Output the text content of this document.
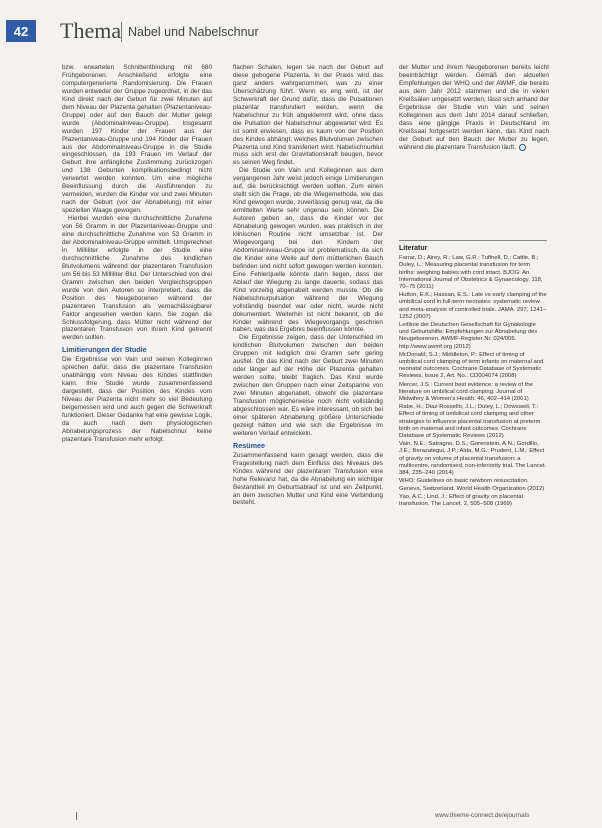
42	Thema Nabel und Nabelschnur

bzw. erwarteten Schnittentbindung mit 680 Frühgeborenen. Anschließend erfolgte eine computergenerierte Randomisierung. Die Frauen wurden entweder der Gruppe zugeordnet, in der das Kind direkt nach der Geburt für zwei Minuten auf dem Niveau der Plazenta gehalten (Plazentaniveau-Gruppe) oder auf den Bauch der Mutter gelegt wurde (Abdominalniveau-Gruppe). Insgesamt wurden 197 Kinder der Frauen aus der Plazentaniveau-Gruppe und 194 Kinder der Frauen aus der Abdominalniveau-Gruppe in die Studie eingeschlossen, da 193 Frauen im Verlauf der Geburt ihre anfängliche Zustimmung zurückzogen und 138 Geburten komplikationsbedingt nicht verwertet werden konnten. Um eine mögliche Beeinflussung durch die Ausführenden zu vermeiden, wurden die Kinder vor und zwei Minuten nach der Geburt (vor der Abnabelung) mit einer speziellen Waage gewogen.

Hierbei wurden eine durchschnittliche Zunahme von 56 Gramm in der Plazentaniveau-Gruppe und eine durchschnittliche Zunahme von 53 Gramm in der Abdominalniveau-Gruppe ermittelt. Umgerechnet in Milliliter erfolgte in der Studie eine durchschnittliche Zunahme des kindlichen Blutvolumens während der plazentaren Transfusion um 56 bis 53 Milliliter Blut. Der Unterschied von drei Gramm zwischen den beiden Vergleichsgruppen wurde von den Autoren so interpretiert, dass die Position des Neugeborenen während der plazentaren Transfusion als vernachlässigbarer Faktor angesehen werden kann. Sie zogen die Schlussfolgerung, dass Mütter nicht während der plazentaren Transfusion von ihrem Kind getrennt werden sollten.

Limitierungen der Studie

Die Ergebnisse von Vain und seinen Kolleginnen sprechen dafür, dass die plazentare Transfusion unabhängig vom Niveau des Kindes stattfinden kann. Ihre Studie wurde zusammenfassend dargestellt, dass der Position des Kindes vom Niveau der Plazenta nicht mehr so viel Bedeutung beigemessen wird und auch gegen die Schwerkraft funktioniert. Dieser Gedanke hat eine gewisse Logik, da auch nach dem physiologischen Abnabelungsprozess der Nabelschnur keine plazentare Transfusion mehr erfolgt.

flachen Schalen, legen sie nach der Geburt auf diese gebogene Plazenta. In der Praxis wird das ganz anders wahrgenommen, was zu einer Überschätzung führt. Wenn es eng wird, ist der Schwerkraft der Grund dafür, dass die Pulsationen plazentar transfundiert werden, wenn die Nabelschnur zu früh abgeklemmt wird, ohne dass die Pulsation der Nabelschnur abgewartet wird. Es ist somit erwiesen, dass es kaum von der Position des Kindes abhängt, welches Blutvolumen zwischen Plazenta und Kind transferiert wird. Nabelschnurblut muss sich erst der Gravitationskraft beugen, bevor es seinen Weg findet.

Die Studie von Vain und Kolleginnen aus dem vergangenen Jahr weist jedoch einige Limitierungen auf, die berücksichtigt werden sollten. Zum einen stellt sich die Frage, ob die Wiegemethode, wie das Kind gewogen wurde, zuverlässig genug war, da die ermittelten Werte sehr ungenau sein können. Die Autoren geben an, dass die Kinder vor der Abnabelung gewogen wurden, was praktisch in der klinischen Routine nicht umsetzbar ist. Der Wiegevorgang bei den Kindern der Abdominalniveau-Gruppe ist problematisch, da sich die Kinder eine Weile auf dem mütterlichen Bauch befinden und nicht sofort gewogen werden konnten. Eine Fehlerquelle könnte darin liegen, dass der Ablauf der Wiegung zu lange dauerte, sodass das Kind vorzeitig abgenabelt werden musste. Ob die Nabelschnurpulsation während der Wiegung vollständig beendet war oder nicht, wurde nicht dokumentiert. Weiterhin ist nicht bekannt, ob die Kinder während des Wiegevorgangs geschrien haben, was das Ergebnis beeinflussen könnte.

Die Ergebnisse zeigen, dass der Unterschied im kindlichen Blutvolumen zwischen den beiden Gruppen mit lediglich drei Gramm sehr gering ausfiel. Ob das Kind nach der Geburt zwei Minuten oder länger auf der Höhe der Plazenta gehalten werden sollte, bleibt fraglich. Das Kind wurde zwischen den Gruppen nach einer Zeitspanne von zwei Minuten abgenabelt, obwohl die plazentare Transfusion möglicherweise noch nicht vollständig abgeschlossen war. Es wäre interessant, ob sich bei einer späteren Abnabelung größere Unterschiede gezeigt hätten und wie sich die Ergebnisse im weiteren Verlauf entwickeln.

Resümee

Zusammenfassend kann gesagt werden, dass die Fragestellung nach dem Einfluss des Niveaus des Kindes während der plazentaren Transfusion eine hohe Relevanz hat, da die Abnabelung ein wichtiger Bestandteil im Geburtsablauf ist und ein Zeitpunkt, an dem zwischen Mutter und Kind eine Verbindung besteht.

der Mutter und ihrem Neugeborenen bereits leicht beeinträchtigt werden. Gemäß den aktuellen Empfehlungen der WHO und der AWMF, die bereits aus dem Jahr 2012 stammen und die in vielen Kreißsälen umgesetzt werden, lässt sich anhand der Ergebnisse der Studie von Vain und seinen Kolleginnen aus dem Jahr 2014 darauf schließen, dass eine gängige Praxis in Deutschland im Kreißsaal fortgesetzt werden kann, das Kind nach der Geburt auf den Bauch der Mutter zu legen, während die plazentare Transfusion läuft.

Literatur
Farrar, D.; Airey, R.; Law, G.R.; Tuffnell, D.; Cattle, B.; Duley, L.: Measuring placental transfusion for term births: weighing babies with cord intact. BJOG: An International Journal of Obstetrics & Gynaecology. 118, 70–75 (2011)
Hutton, E.K.; Hassan, E.S.: Late vs early clamping of the umbilical cord in full-term neonates: systematic review and meta-analysis of controlled trials. JAMA. 297, 1241–1252 (2007)
Leitlinie der Deutschen Gesellschaft für Gynäkologie und Geburtshilfe: Empfehlungen zur Abnabelung des Neugeborenen. AWMF-Register Nr. 024/005. http://www.awmf.org (2012)
McDonald, S.J.; Middleton, P.: Effect of timing of umbilical cord clamping of term infants on maternal and neonatal outcomes. Cochrane Database of Systematic Reviews, Issue 2, Art. No.: CD004074 (2008)
Mercer, J.S.: Current best evidence: a review of the literature on umbilical cord clamping. Journal of Midwifery & Women's Health. 46, 402–414 (2001)
Rabe, H.; Diaz-Rossello, J.L.; Duley, L.; Dowswell, T.: Effect of timing of umbilical cord clamping and other strategies to influence placental transfusion at preterm birth on maternal and infant outcomes. Cochrane Database of Systematic Reviews (2012)
Vain, N.E.; Satragno, D.S.; Gorenstein, A.N.; Gordillo, J.E.; Berazategui, J.P.; Alda, M.G.; Prudent, L.M.: Effect of gravity on volume of placental transfusion: a multicentre, randomised, non-inferiority trial. The Lancet. 384, 235–240 (2014)
WHO: Guidelines on basic newborn resuscitation. Geneva, Switzerland. World Health Organization (2012)
Yao, A.C.; Lind, J.: Effect of gravity on placental transfusion. The Lancet. 2, 505–508 (1969)
www.thieme-connect.de/ejournals
